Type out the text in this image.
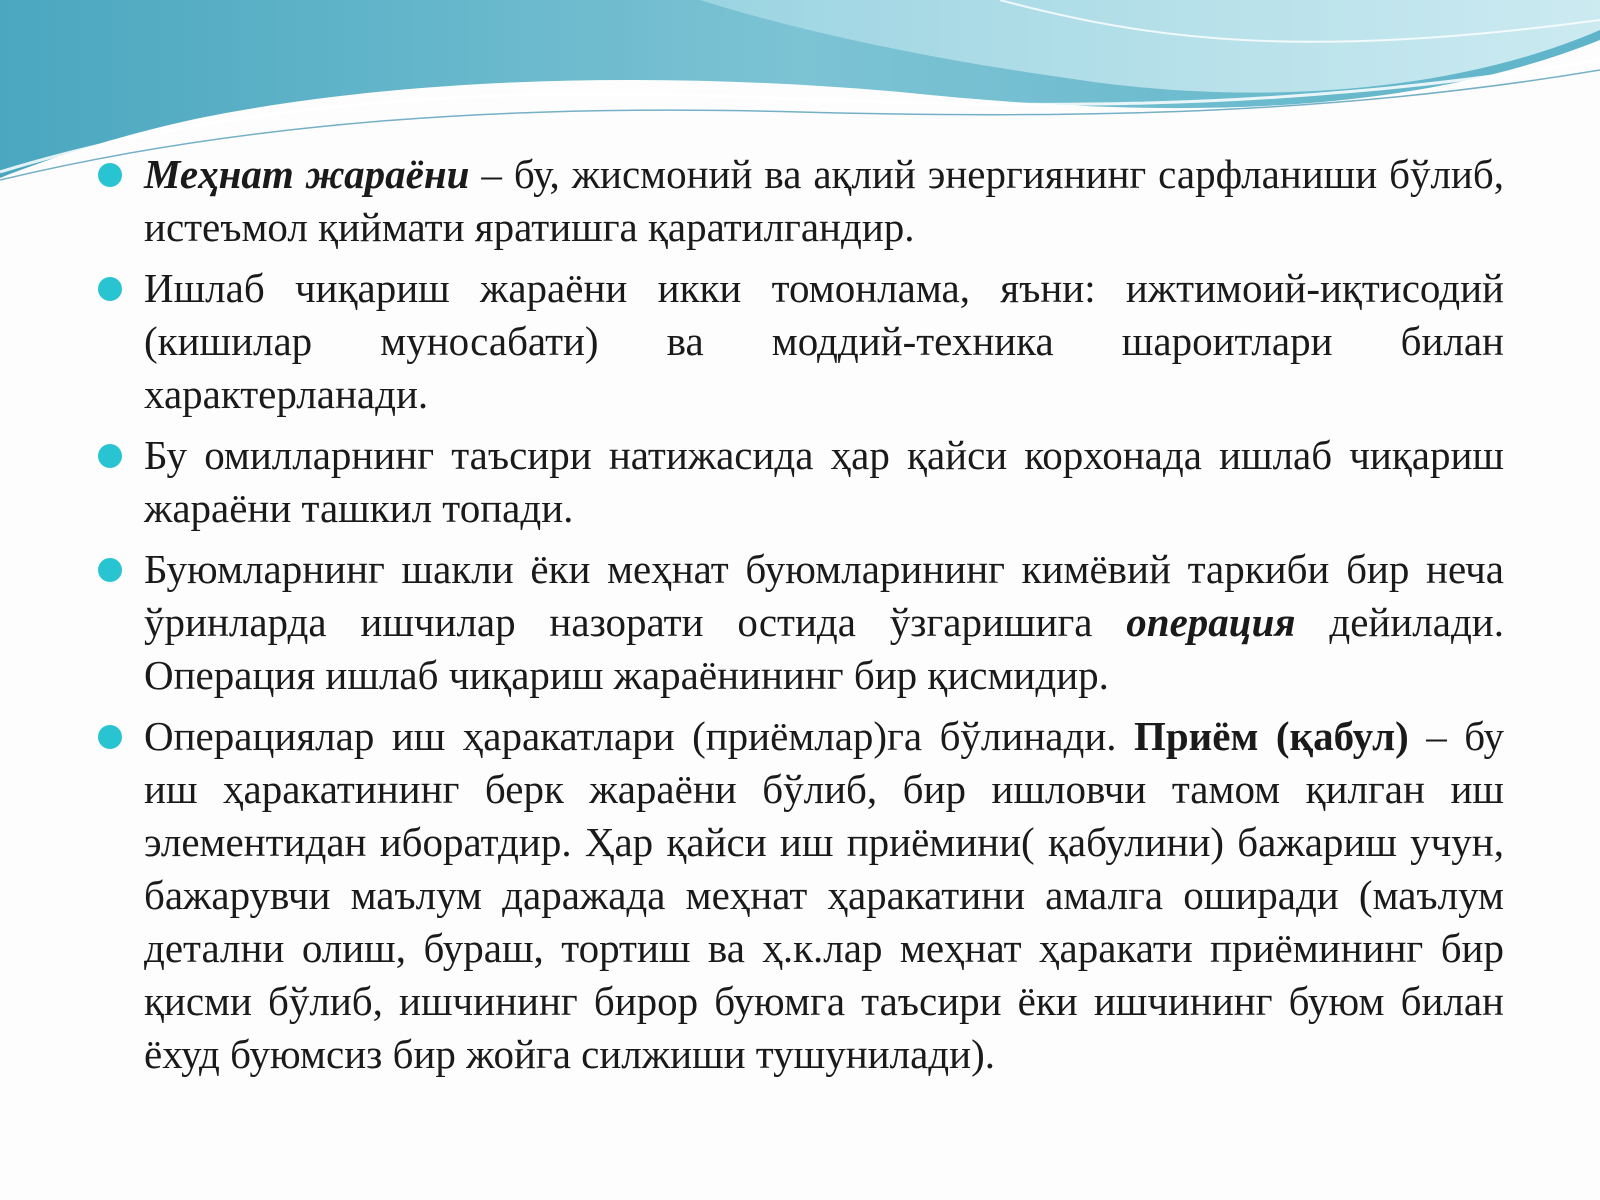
Меҳнат жараёни – бу, жисмоний ва ақлий энергиянинг сарфланиши бўлиб, истеъмол қиймати яратишга қаратилгандир.
Ишлаб чиқариш жараёни икки томонлама, яъни: ижтимоий-иқтисодий (кишилар муносабати) ва моддий-техника шароитлари билан характерланади.
Бу омилларнинг таъсири натижасида ҳар қайси корхонада ишлаб чиқариш жараёни ташкил топади.
Буюмларнинг шакли ёки меҳнат буюмларининг кимёвий таркиби бир неча ўринларда ишчилар назорати остида ўзгаришига операция дейилади. Операция ишлаб чиқариш жараёнининг бир қисмидир.
Операциялар иш ҳаракатлари (приёмлар)га бўлинади. Приём (қабул) – бу иш ҳаракатининг берк жараёни бўлиб, бир ишловчи тамом қилган иш элементидан иборатдир. Ҳар қайси иш приёмини( қабулини) бажариш учун, бажарувчи маълум даражада меҳнат ҳаракатини амалга оширади (маълум детални олиш, бураш, тортиш ва ҳ.к.лар меҳнат ҳаракати приёмининг бир қисми бўлиб, ишчининг бирор буюмга таъсири ёки ишчининг буюм билан ёхуд буюмсиз бир жойга силжиши тушунилади).
